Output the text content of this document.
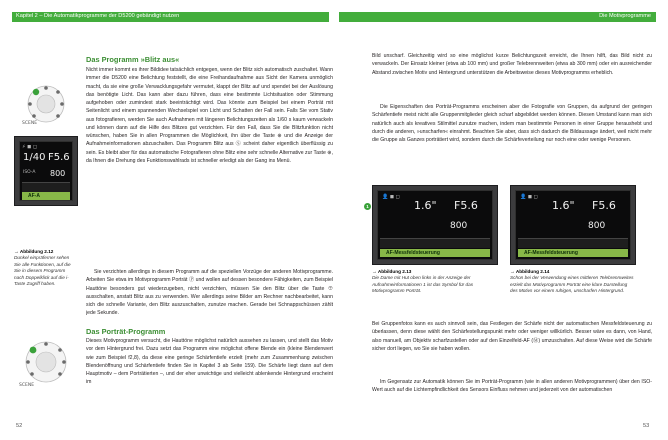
Kapitel 2 – Die Automatikprogramme der D5200 gebändigt nutzen	Die Motivprogramme
Das Programm »Blitz aus«

Nicht immer kommt es ihrer Bildidee tatsächlich entgegen, wenn der Blitz sich automatisch zuschaltet. Wann immer die D5200 eine Belichtung feststellt, die eine Freihandaufnahme aus Sicht der Kamera unmöglich macht, da sie eine große Verwacklungsgefahr vermutet, klappt der Blitz auf und spendet bei der Auslösung das benötigte Licht. Das kann aber dazu führen, dass eine bestimmte Lichtsituation oder Stimmung aufgehoben oder zumindest stark beeinträchtigt wird. Das könnte zum Beispiel bei einem Porträt mit Seitenlicht und einem spannenden Wechselspiel von Licht und Schatten der Fall sein. Falls Sie vom Stativ aus fotografieren, werden Sie auch Aufnahmen mit längeren Belichtungszeiten als 1/60 s kaum verwackeln und können dann auf die Hilfe des Blitzes gut verzichten. Für den Fall, dass Sie die Blitzfunktion nicht wünschen, haben Sie in allen Programmen die Möglichkeit, ihn über die Taste ⊕ und die Anzeige der Aufnahmeinformationen abzuschalten. Das Programm Blitz aus Ⓢ scheint daher eigentlich überflüssig zu sein. Es bleibt aber für das automatische Fotografieren ohne Blitz eine sehr schnelle Alternative zur Taste ⊕, da Ihnen die Drehung des Funktionswahlrads ist schneller erledigt als der Gang ins Menü.

Sie verzichten allerdings in diesem Programm auf die speziellen Vorzüge der anderen Motivprogramme. Arbeiten Sie etwa im Motivprogramm Porträt Ⓟ und wollen auf dessen besondere Fähigkeiten, zum Beispiel Hauttöne besonders gut wiederzugeben, nicht verzichten, müssen Sie den Blitz über die Taste ⊕ ausschalten, anstatt Blitz aus zu verwenden. Wer allerdings seine Bilder am Rechner nachbearbeitet, kann sich die schnelle Variante, den Blitz auszuschalten, zunutze machen. Gerade bei Schnappschüssen zählt jede Sekunde.

SCENE
⚡ ◼ ◻
1/40 F5.6
ISO-A 800
AF-A

→ Abbildung 2.12
Dunkel einpräferner sehen Sie alle Funktionen, auf die Sie in diesem Programm nach Doppelklick auf die i-Taste Zugriff haben.

Das Porträt-Programm

Dieses Motivprogramm versucht, die Hauttöne möglichst natürlich aussehen zu lassen, und stellt das Motiv vor dem Hintergrund frei. Dazu setzt das Programm eine möglichst offene Blende ein (kleine Blendenwert wie zum Beispiel f2,8), da diese eine geringe Schärfentiefe erzielt (mehr zum Zusammenhang zwischen Blendenöffnung und Schärfentiefe finden Sie in Kapitel 3 ab Seite 159). Die Schärfe liegt dann auf dem Hauptmotiv – dem Porträtierten –, und der eher unwichtige und vielleicht ablenkende Hintergrund erscheint im

SCENE
52

Bild unscharf. Gleichzeitig wird so eine möglichst kurze Belichtungszeit erreicht, die Ihnen hilft, das Bild nicht zu verwackeln. Der Einsatz kleiner (etwa ab 100 mm) und großer Telebrennweiten (etwa ab 300 mm) oder ein ausreichender Abstand zwischen Motiv und Hintergrund unterstützen die Arbeitsweise dieses Motivprogramms erheblich.

Die Eigenschaften des Porträt-Programms erscheinen aber die Fotografie von Gruppen, da aufgrund der geringen Schärfentiefe meist nicht alle Gruppenmitglieder gleich scharf abgebildet werden können. Diesen Umstand kann man sich natürlich auch als kreatives Stilmittel zunutze machen, indem man bestimmte Personen in einer Gruppe heraushebt und durch die anderen, »unscharfen« einrahmt. Beachten Sie aber, dass sich dadurch die Bildaussage ändert, weil nicht mehr die Gruppe als Ganzes porträtiert wird, sondern durch die Schärfeverteilung nur noch eine oder wenige Personen.

1
👤 ◼ ◻
1.6" F5.6
800
AF-Messfeldsteuerung
👤 ◼ ◻
1.6" F5.6
800
AF-Messfeldsteuerung

→ Abbildung 2.13
Die Dame mit Hut oben links in der Anzeige der Aufnahmeinformationen 1 ist das Symbol für das Motivprogramm Porträt.

→ Abbildung 2.14
Schon bei der Verwendung eines mittleren Telebrennweites erzielt das Motivprogramm Porträt eine klare Darstellung des Motivs vor einem ruhigen, unscharfen Hintergrund.

Bei Gruppenfotos kann es auch sinnvoll sein, das Festlegen der Schärfe nicht der automatischen Messfeldsteuerung zu überlassen, denn diese wählt den Schärfestellungspunkt mehr oder weniger willkürlich. Besser wäre es dann, von Hand, also manuell, am Objektiv scharfzustellen oder auf den Einzelfeld-AF (Ⓜ) umzuschalten. Auf diese Weise wird die Schärfe sicher dort liegen, wo Sie sie haben wollen.

Im Gegensatz zur Automatik können Sie im Porträt-Programm (wie in allen anderen Motivprogrammen) über den ISO-Wert auch auf die Lichtempfindlichkeit des Sensors Einfluss nehmen und jederzeit von der automatischen

53
